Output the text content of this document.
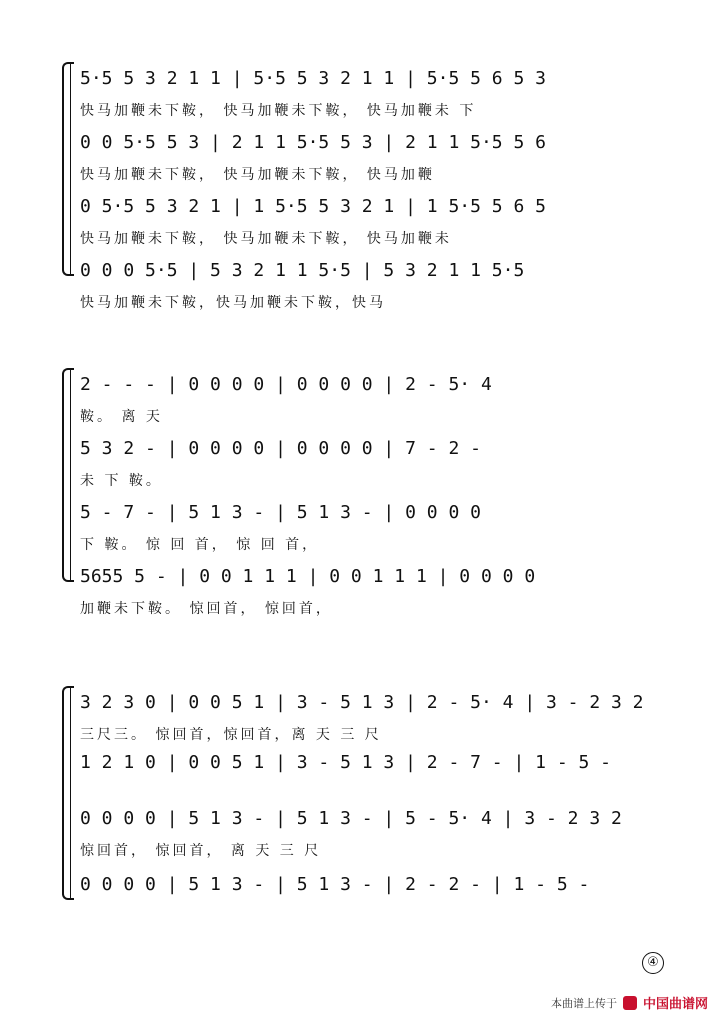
5·5 5 3 2 1 1 | 5·5 5 3 2 1 1 | 5·5 5 6 5 3
快马加鞭未下鞍， 快马加鞭未下鞍， 快马加鞭未 下
0 0 5·5 5 3 | 2 1 1 5·5 5 3 | 2 1 1 5·5 5 6
快马加鞭未下鞍， 快马加鞭未下鞍， 快马加鞭
0 5·5 5 3 2 1 | 1 5·5 5 3 2 1 | 1 5·5 5 6 5
快马加鞭未下鞍， 快马加鞭未下鞍， 快马加鞭未
0 0 0 5·5 | 5 3 2 1 1 5·5 | 5 3 2 1 1 5·5
快马加鞭未下鞍，快马加鞭未下鞍，快马
2 - - - | 0 0 0 0 | 0 0 0 0 | 2 - 5· 4
鞍。 离 天
5 3 2 - | 0 0 0 0 | 0 0 0 0 | 7 - 2 -
未 下 鞍。
5 - 7 - | 5 1 3 - | 5 1 3 - | 0 0 0 0
下 鞍。 惊 回 首， 惊 回 首，
5655 5 - | 0 0 1 1 1 | 0 0 1 1 1 | 0 0 0 0
加鞭未下鞍。 惊回首， 惊回首，
3 2 3 0 | 0 0 5 1 | 3 - 5 1 3 | 2 - 5· 4 | 3 - 2 3 2
三尺三。 惊回首，惊回首，离 天 三 尺
1 2 1 0 | 0 0 5 1 | 3 - 5 1 3 | 2 - 7 - | 1 - 5 -
0 0 0 0 | 5 1 3 - | 5 1 3 - | 5 - 5· 4 | 3 - 2 3 2
惊回首， 惊回首， 离 天 三 尺
0 0 0 0 | 5 1 3 - | 5 1 3 - | 2 - 2 - | 1 - 5 -
④
本曲谱上传于 中国曲谱网
